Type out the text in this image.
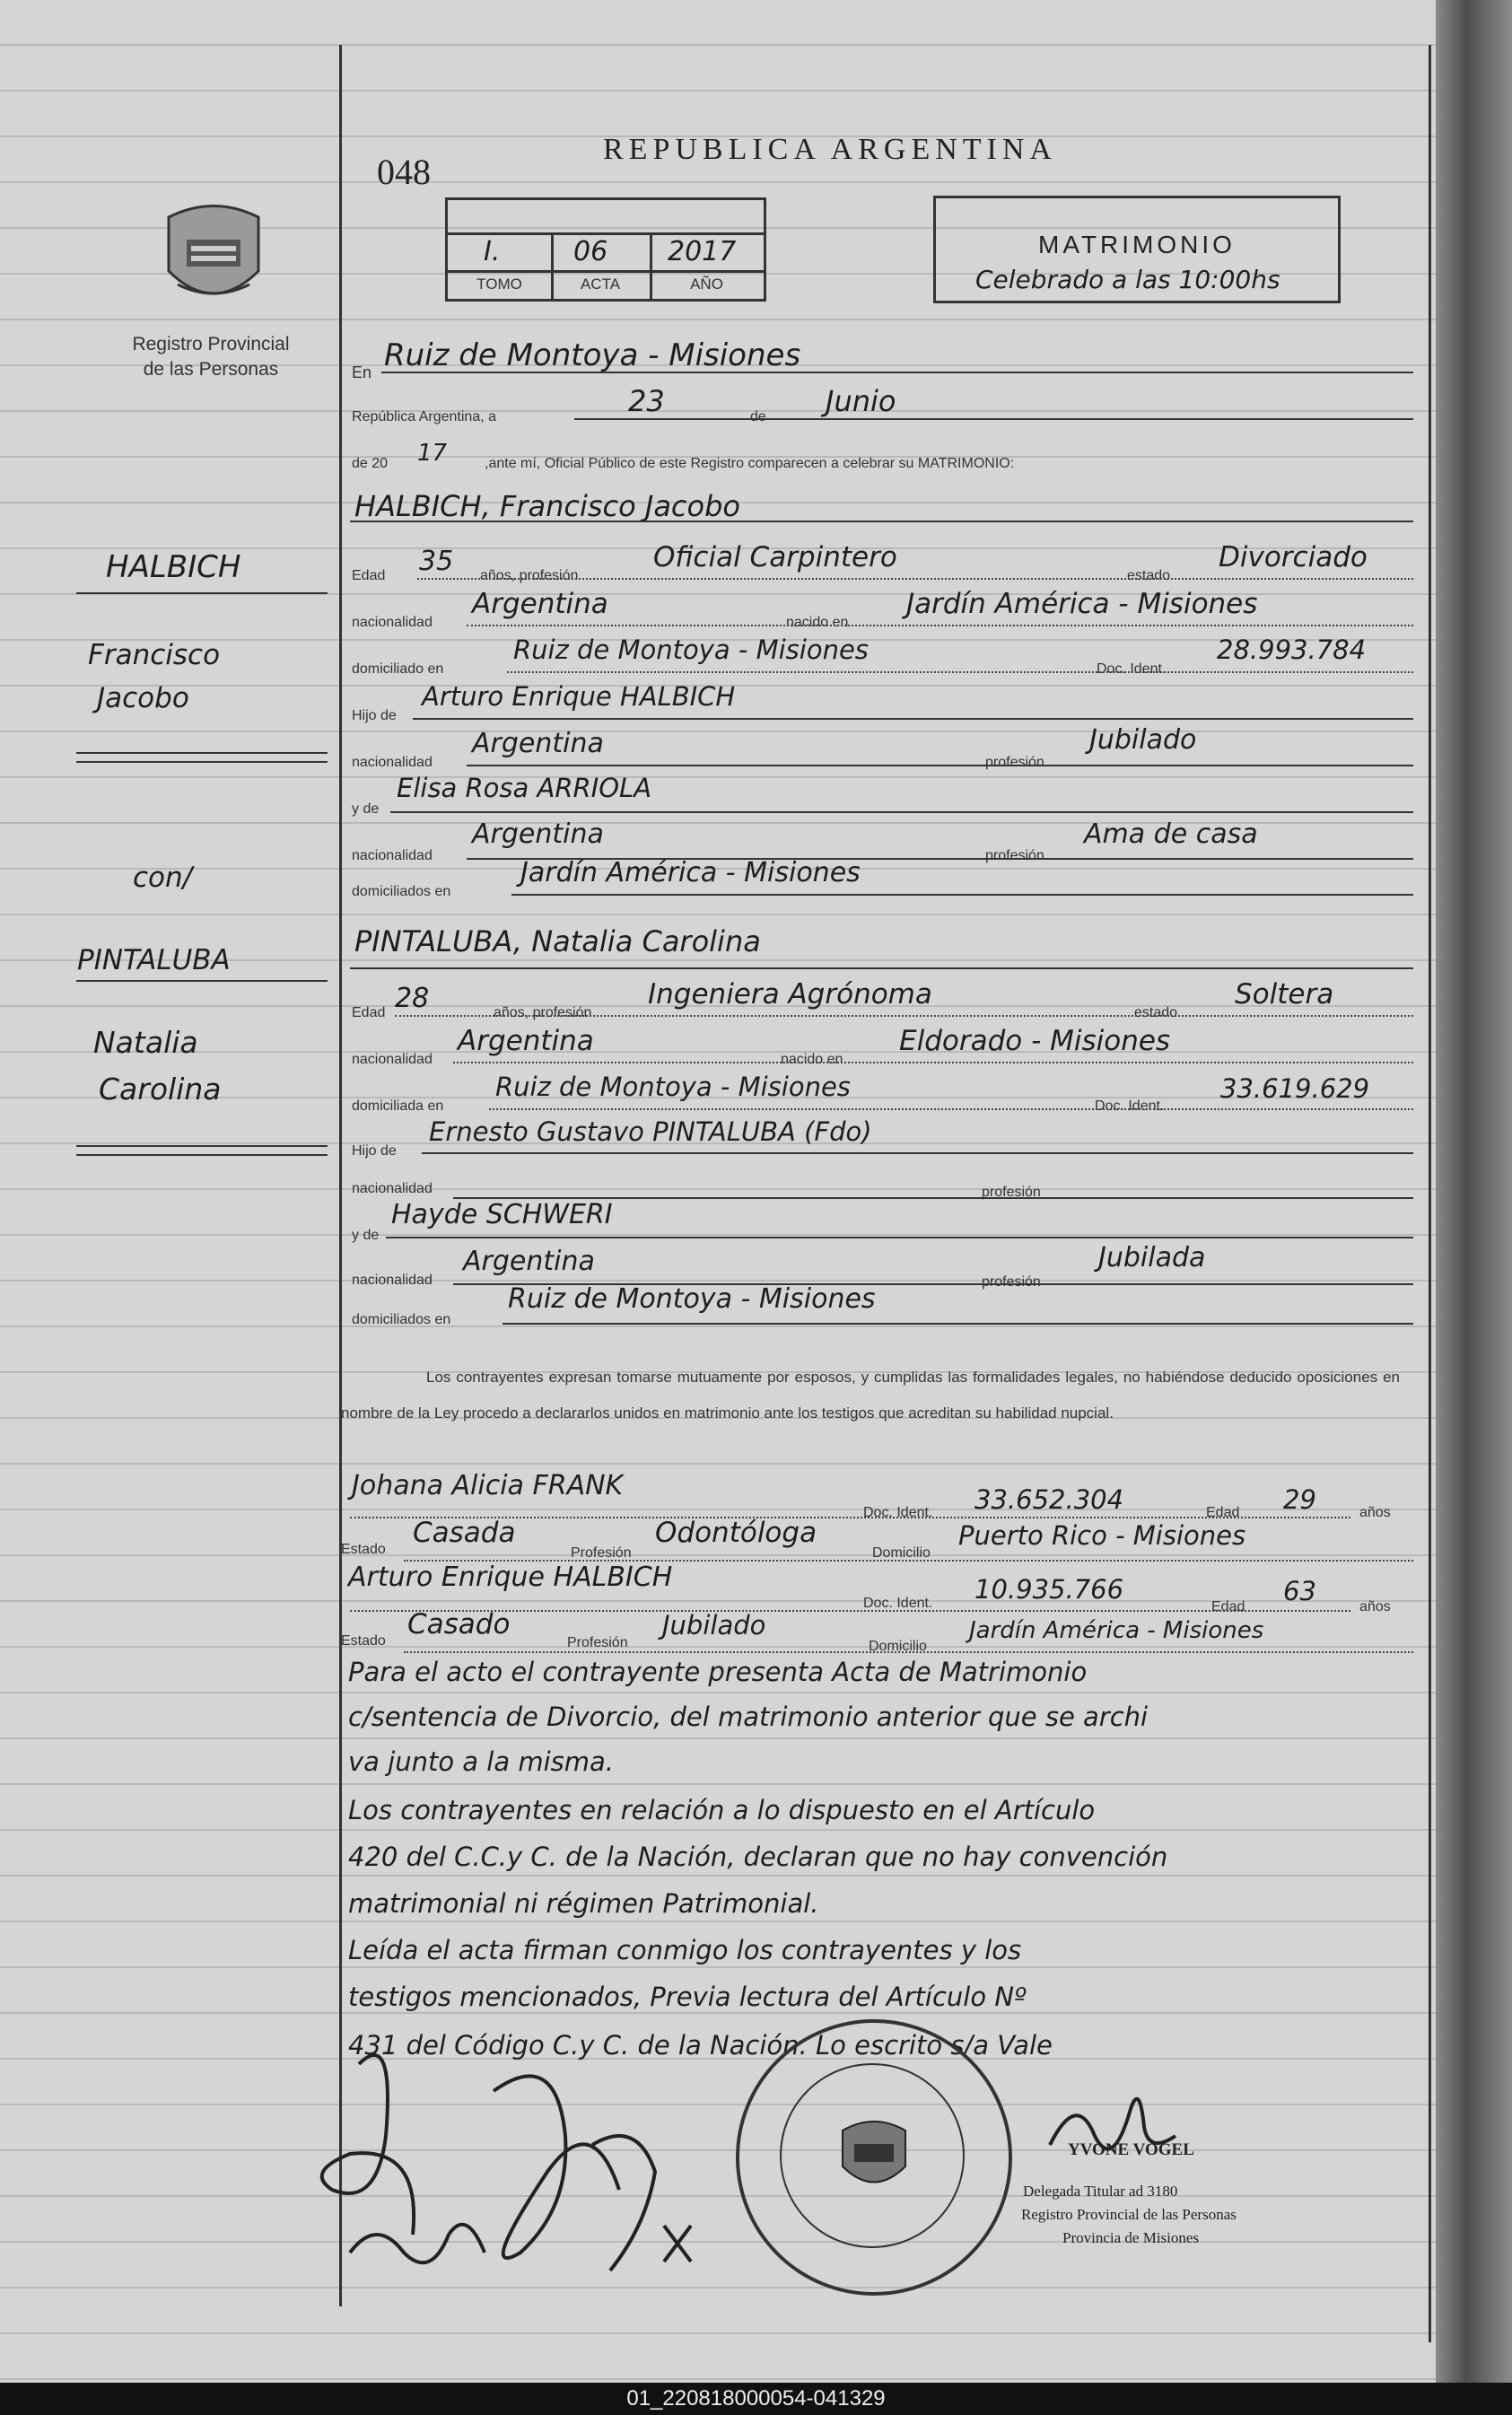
Registro Provincial
de las Personas
048
REPUBLICA ARGENTINA
I.	06 2017
TOMO	ACTA	AÑO
MATRIMONIO
Celebrado a las 10:00hs
En Ruiz de Montoya - Misiones
República Argentina, a	23	de Junio
de 20 17	,ante mí, Oficial Público de este Registro comparecen a celebrar su MATRIMONIO:
HALBICH, Francisco Jacobo
Edad 35 años, profesión
Oficial Carpintero
estado
Divorciado
nacionalidad
Argentina
nacido en
Jardín América - Misiones
domiciliado en
Ruiz de Montoya - Misiones
Doc. Ident.
28.993.784
Hijo de
Arturo Enrique HALBICH
nacionalidad
Argentina
profesión
Jubilado
y de
Elisa Rosa ARRIOLA
nacionalidad
Argentina
profesión
Ama de casa
domiciliados en
Jardín América - Misiones
PINTALUBA, Natalia Carolina
Edad 28	años, profesión
Ingeniera Agrónoma
estado
Soltera
nacionalidad
Argentina
nacido en
Eldorado - Misiones
domiciliada en
Ruiz de Montoya - Misiones
Doc. Ident.
33.619.629
Hijo de
Ernesto Gustavo PINTALUBA (Fdo)
nacionalidad	profesión
y de
Hayde SCHWERI
nacionalidad
Argentina
profesión
Jubilada
domiciliados en
Ruiz de Montoya - Misiones
Los contrayentes expresan tomarse mutuamente por esposos, y cumplidas las formalidades legales, no habiéndose deducido oposiciones en nombre de la Ley procedo a declararlos unidos en matrimonio ante los testigos que acreditan su habilidad nupcial.
Johana Alicia FRANK
Doc. Ident. 33.652.304	Edad 29	años
Estado
Casada
Profesión
Odontóloga
Domicilio
Puerto Rico - Misiones
Arturo Enrique HALBICH
Doc. Ident. 10.935.766
Edad
63
años
Estado
Casado
Profesión
Jubilado
Domicilio
Jardín América - Misiones
Para el acto el contrayente presenta Acta de Matrimonio
c/sentencia de Divorcio, del matrimonio anterior que se archi
va junto a la misma.
Los contrayentes en relación a lo dispuesto en el Artículo
420 del C.C.y C. de la Nación, declaran que no hay convención
matrimonial ni régimen Patrimonial.
Leída el acta firman conmigo los contrayentes y los
testigos mencionados, Previa lectura del Artículo Nº
431 del Código C.y C. de la Nación. Lo escrito s/a Vale
HALBICH
Francisco
Jacobo
con/
PINTALUBA
Natalia
Carolina
YVONE VOGEL
Delegada Titular ad 3180
Registro Provincial de las Personas
Provincia de Misiones
01_220818000054-041329
